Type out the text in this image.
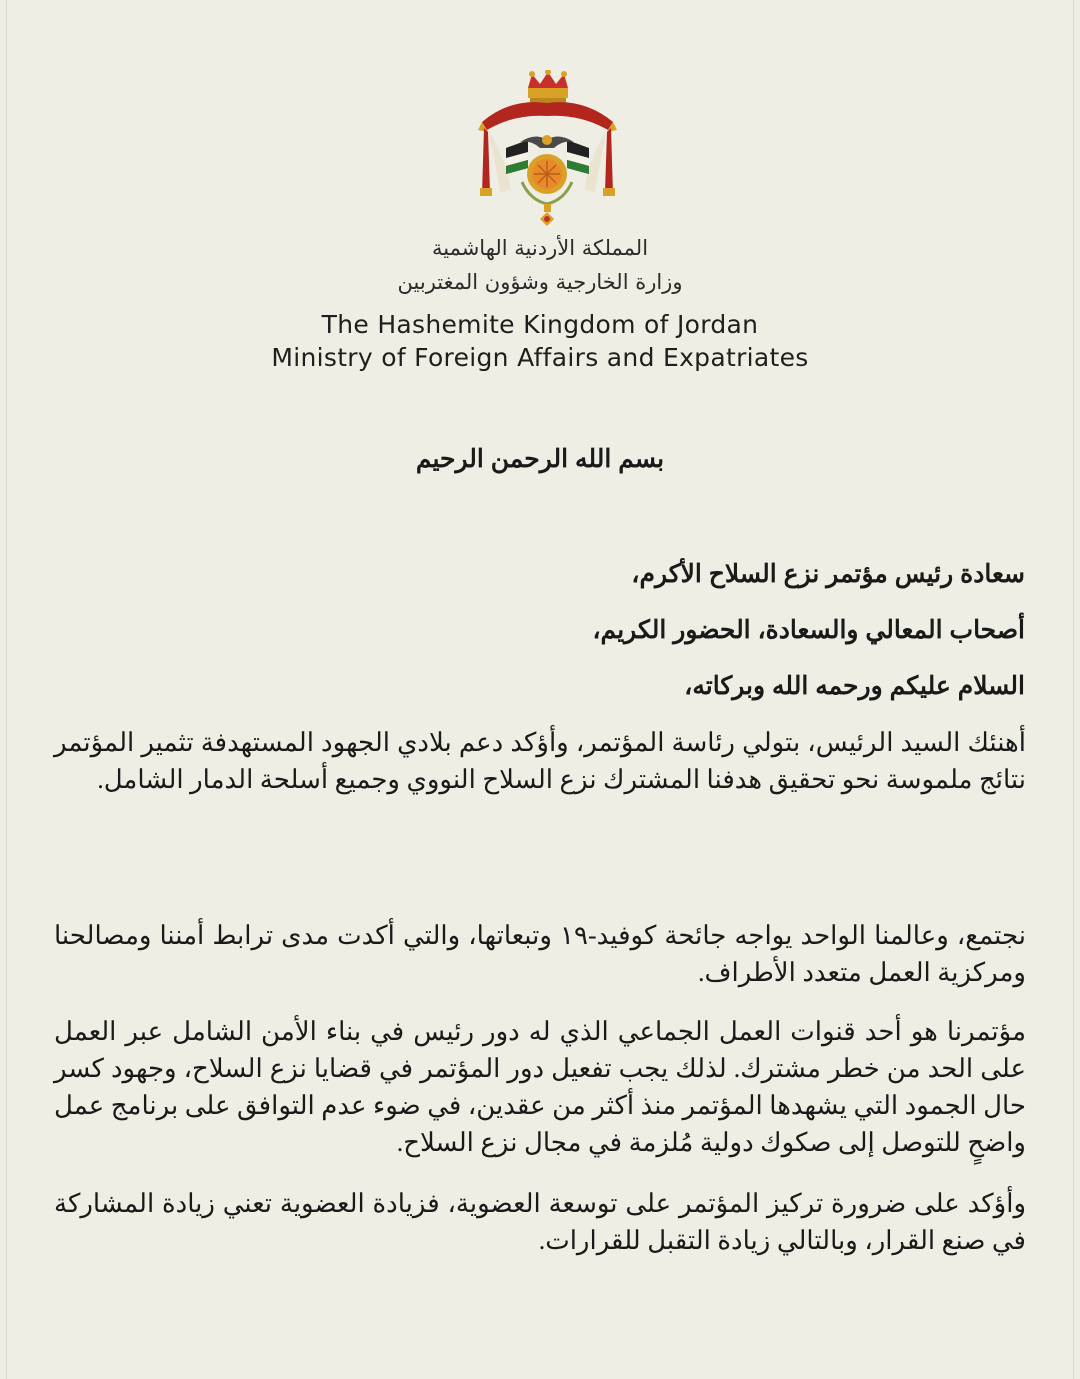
المملكة الأردنية الهاشمية
وزارة الخارجية وشؤون المغتربين
The Hashemite Kingdom of Jordan
Ministry of Foreign Affairs and Expatriates
بسم الله الرحمن الرحيم
سعادة رئيس مؤتمر نزع السلاح الأكرم،
أصحاب المعالي والسعادة، الحضور الكريم،
السلام عليكم ورحمه الله وبركاته،
أهنئك السيد الرئيس، بتولي رئاسة المؤتمر، وأؤكد دعم بلادي الجهود المستهدفة تثمير المؤتمر نتائج ملموسة نحو تحقيق هدفنا المشترك نزع السلاح النووي وجميع أسلحة الدمار الشامل.
نجتمع، وعالمنا الواحد يواجه جائحة كوفيد-١٩ وتبعاتها، والتي أكدت مدى ترابط أمننا ومصالحنا ومركزية العمل متعدد الأطراف.
مؤتمرنا هو أحد قنوات العمل الجماعي الذي له دور رئيس في بناء الأمن الشامل عبر العمل على الحد من خطر مشترك. لذلك يجب تفعيل دور المؤتمر في قضايا نزع السلاح، وجهود كسر حال الجمود التي يشهدها المؤتمر منذ أكثر من عقدين، في ضوء عدم التوافق على برنامج عمل واضحٍ للتوصل إلى صكوك دولية مُلزمة في مجال نزع السلاح.
وأؤكد على ضرورة تركيز المؤتمر على توسعة العضوية، فزيادة العضوية تعني زيادة المشاركة في صنع القرار، وبالتالي زيادة التقبل للقرارات.
